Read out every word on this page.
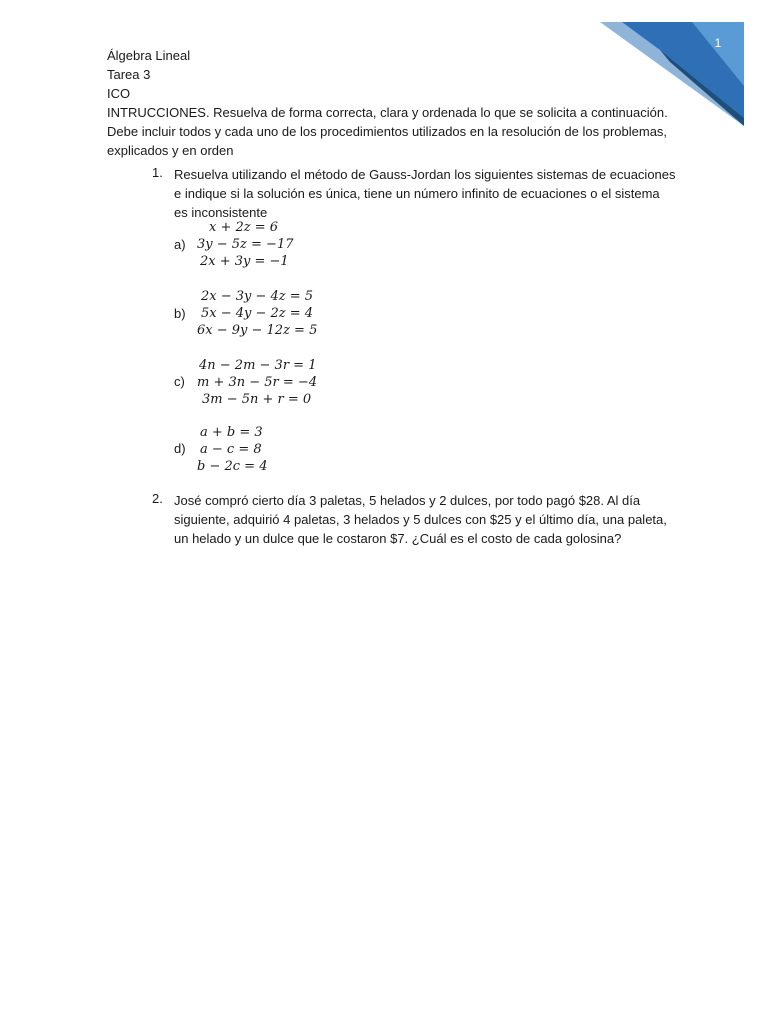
1
Álgebra Lineal
Tarea 3
ICO
INTRUCCIONES. Resuelva de forma correcta, clara y ordenada lo que se solicita a continuación.
Debe incluir todos y cada uno de los procedimientos utilizados en la resolución de los problemas,
explicados y en orden
1. Resuelva utilizando el método de Gauss-Jordan los siguientes sistemas de ecuaciones
e indique si la solución es única, tiene un número infinito de ecuaciones o el sistema
es inconsistente
a)
x + 2z = 6
3y − 5z = −17
2x + 3y = −1
b)
2x − 3y − 4z = 5
5x − 4y − 2z = 4
6x − 9y − 12z = 5
c)
4n − 2m − 3r = 1
m + 3n − 5r = −4
3m − 5n + r = 0
d)
a + b = 3
a − c = 8
b − 2c = 4
2. José compró cierto día 3 paletas, 5 helados y 2 dulces, por todo pagó $28. Al día
siguiente, adquirió 4 paletas, 3 helados y 5 dulces con $25 y el último día, una paleta,
un helado y un dulce que le costaron $7. ¿Cuál es el costo de cada golosina?
